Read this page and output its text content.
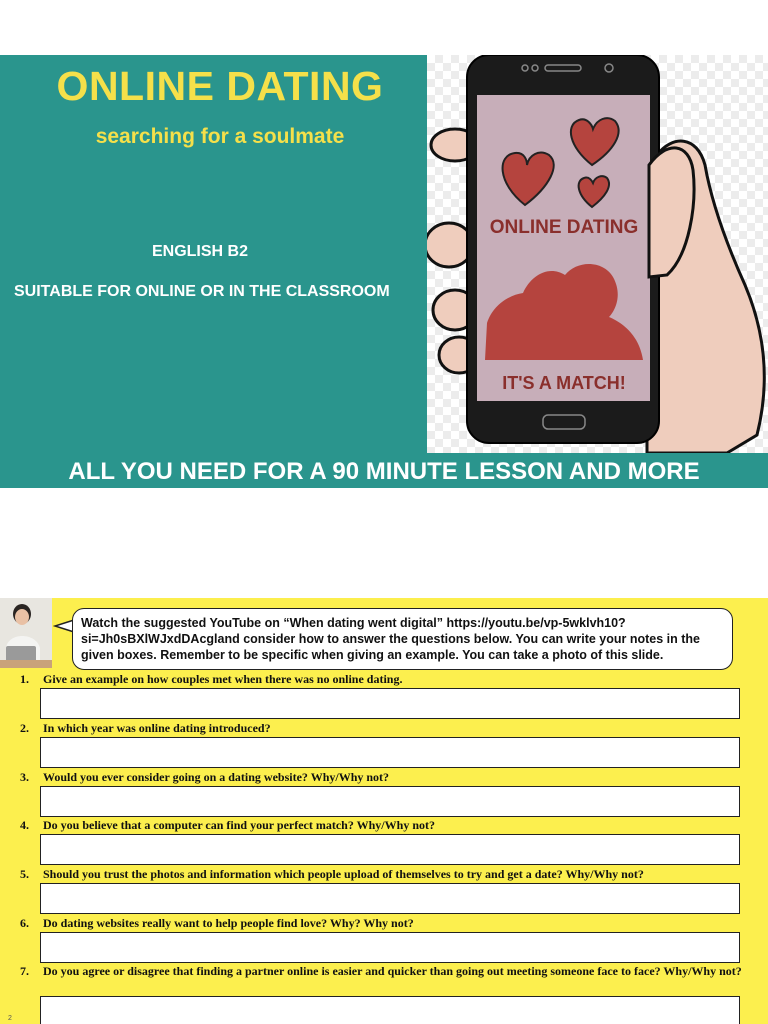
ONLINE DATING
searching for a soulmate
ENGLISH B2
SUITABLE FOR ONLINE OR IN THE CLASSROOM
ONLINE DATING
IT'S A MATCH!
ALL YOU NEED FOR A 90 MINUTE LESSON AND MORE
Watch the suggested YouTube on “When dating went digital” https://youtu.be/vp-5wklvh10?si=Jh0sBXlWJxdDAcgland consider how to answer the questions below. You can write your notes in the given boxes. Remember to be specific when giving an example. You can take a photo of this slide.
1. Give an example on how couples met when there was no online dating.
2. In which year was online dating introduced?
3. Would you ever consider going on a dating website? Why/Why not?
4. Do you believe that a computer can find your perfect match? Why/Why not?
5. Should you trust the photos and information which people upload of themselves to try and get a date? Why/Why not?
6. Do dating websites really want to help people find love? Why? Why not?
7. Do you agree or disagree that finding a partner online is easier and quicker than going out meeting someone face to face? Why/Why not?
2
